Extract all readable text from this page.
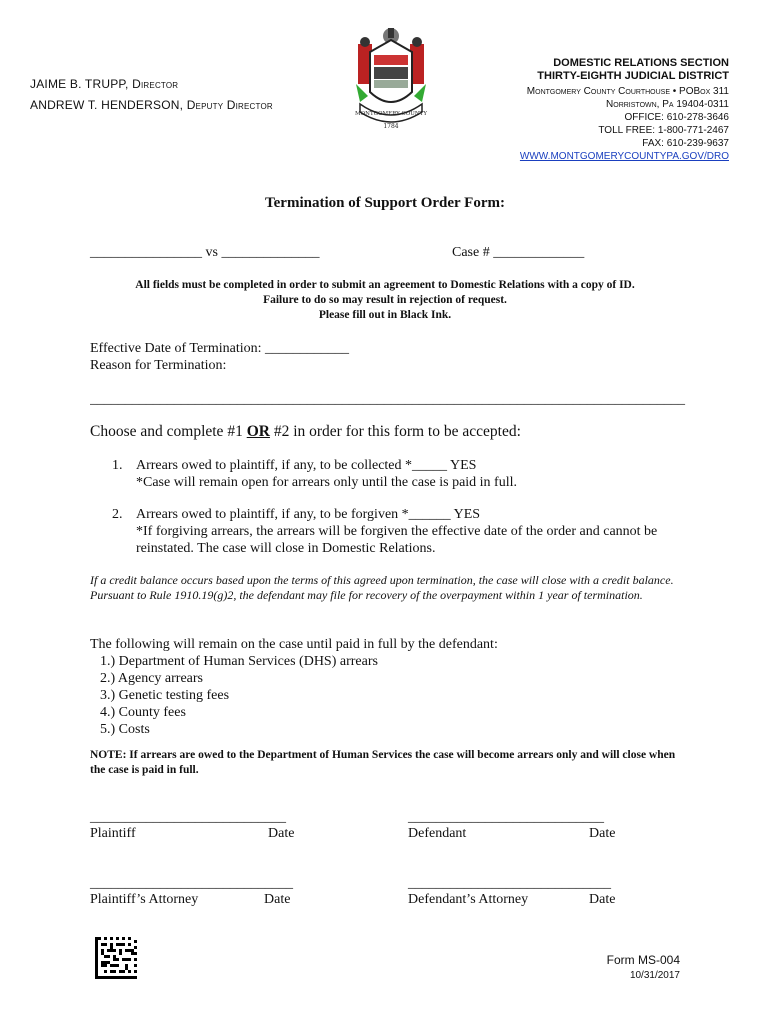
JAIME B. TRUPP, Director
ANDREW T. HENDERSON, Deputy Director
MONTGOMERY COUNTY
1784
DOMESTIC RELATIONS SECTION
THIRTY-EIGHTH JUDICIAL DISTRICT
Montgomery County Courthouse • POBox 311
Norristown, Pa 19404-0311
OFFICE: 610-278-3646
TOLL FREE: 1-800-771-2467
FAX: 610-239-9637
WWW.MONTGOMERYCOUNTYPA.GOV/DRO
Termination of Support Order Form:
________________ vs ______________	Case # _____________
All fields must be completed in order to submit an agreement to Domestic Relations with a copy of ID.
Failure to do so may result in rejection of request.
Please fill out in Black Ink.
Effective Date of Termination: ____________
Reason for Termination:
_____________________________________________________________________________________
Choose and complete #1 OR #2 in order for this form to be accepted:
1. Arrears owed to plaintiff, if any, to be collected *_____ YES
*Case will remain open for arrears only until the case is paid in full.
2. Arrears owed to plaintiff, if any, to be forgiven *______ YES
*If forgiving arrears, the arrears will be forgiven the effective date of the order and cannot be
reinstated. The case will close in Domestic Relations.
If a credit balance occurs based upon the terms of this agreed upon termination, the case will close with a credit balance. Pursuant to Rule 1910.19(g)2, the defendant may file for recovery of the overpayment within 1 year of termination.
The following will remain on the case until paid in full by the defendant:
1.) Department of Human Services (DHS) arrears
2.) Agency arrears
3.) Genetic testing fees
4.) County fees
5.) Costs
NOTE: If arrears are owed to the Department of Human Services the case will become arrears only and will close when the case is paid in full.
____________________________	____________________________
Plaintiff	Date	Defendant	Date
_____________________________	_____________________________
Plaintiff’s Attorney	Date	Defendant’s Attorney	Date
Form MS-004
10/31/2017
